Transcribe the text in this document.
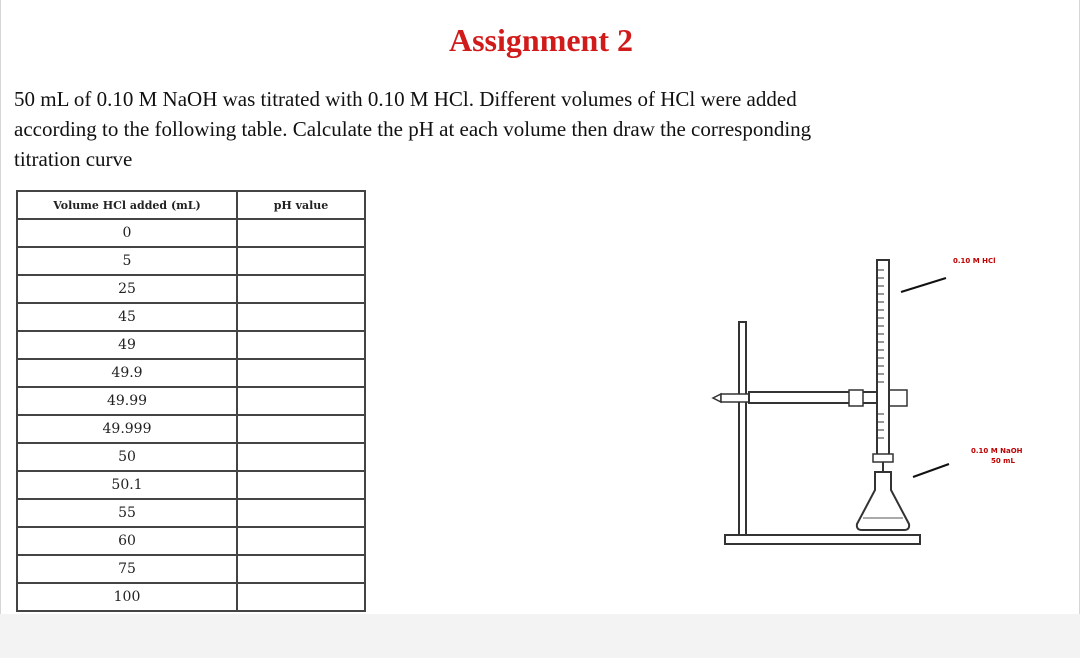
Assignment 2
50 mL of 0.10 M NaOH was titrated with 0.10 M HCl. Different volumes of HCl were added
according to the following table. Calculate the pH at each volume then draw the corresponding
titration curve
Volume HCl added (mL)	pH value
0	
5	
25	
45	
49	
49.9	
49.99	
49.999	
50	
50.1	
55	
60	
75	
100	
0.10 M HCl
0.10 M NaOH
50 mL
